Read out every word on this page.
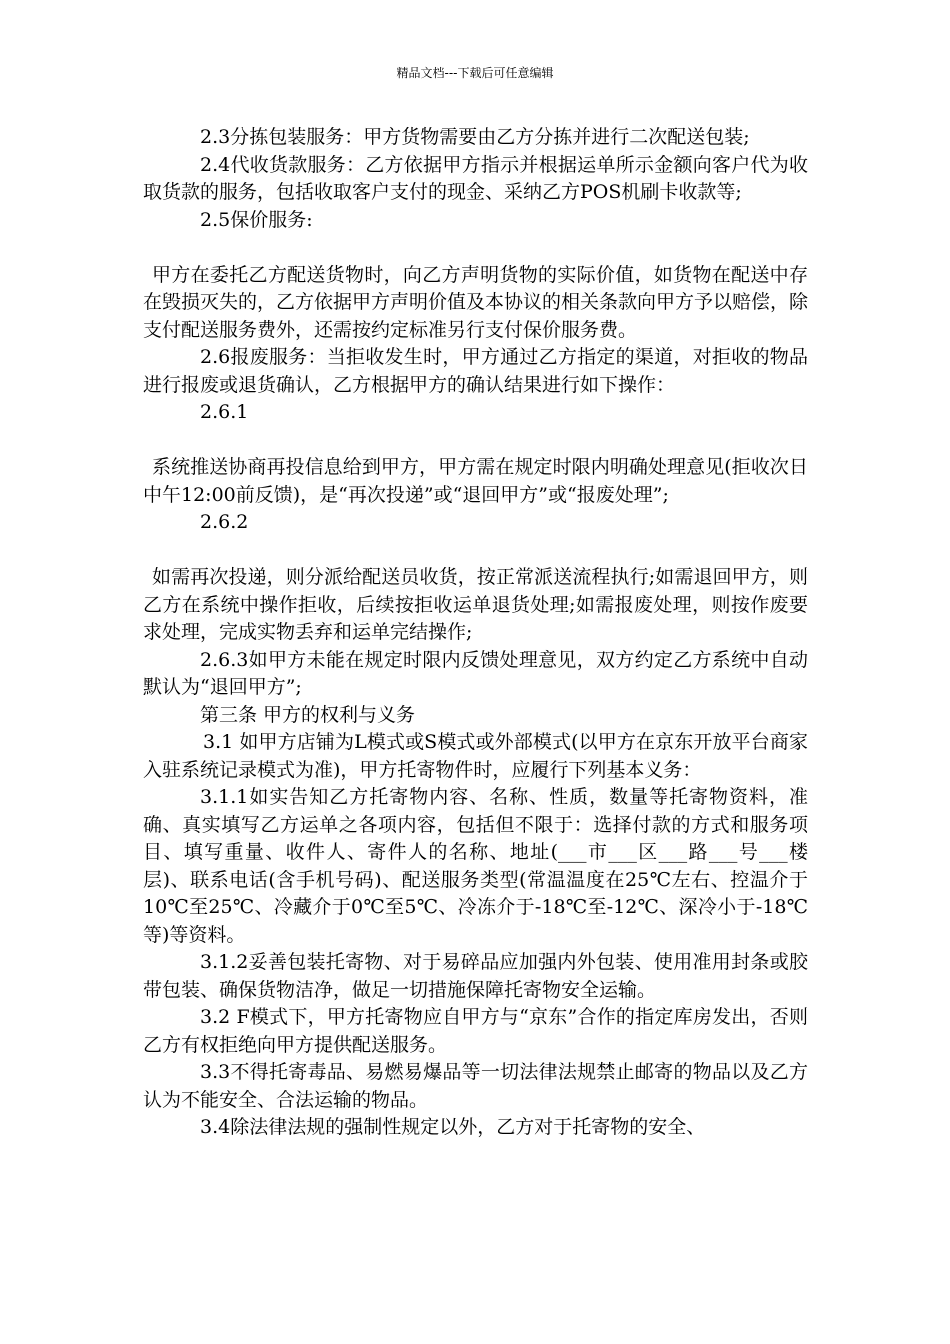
精品文档---下载后可任意编辑

2.3分拣包装服务：甲方货物需要由乙方分拣并进行二次配送包装;

2.4代收货款服务：乙方依据甲方指示并根据运单所示金额向客户代为收取货款的服务，包括收取客户支付的现金、采纳乙方POS机刷卡收款等;

2.5保价服务:

甲方在委托乙方配送货物时，向乙方声明货物的实际价值，如货物在配送中存在毁损灭失的，乙方依据甲方声明价值及本协议的相关条款向甲方予以赔偿，除支付配送服务费外，还需按约定标准另行支付保价服务费。

2.6报废服务：当拒收发生时，甲方通过乙方指定的渠道，对拒收的物品进行报废或退货确认，乙方根据甲方的确认结果进行如下操作：

2.6.1

系统推送协商再投信息给到甲方，甲方需在规定时限内明确处理意见(拒收次日中午12:00前反馈)，是“再次投递”或“退回甲方”或“报废处理”;

2.6.2

如需再次投递，则分派给配送员收货，按正常派送流程执行;如需退回甲方，则乙方在系统中操作拒收，后续按拒收运单退货处理;如需报废处理，则按作废要求处理，完成实物丢弃和运单完结操作;

2.6.3如甲方未能在规定时限内反馈处理意见，双方约定乙方系统中自动默认为“退回甲方”;

第三条 甲方的权利与义务

3.1 如甲方店铺为L模式或S模式或外部模式(以甲方在京东开放平台商家入驻系统记录模式为准)，甲方托寄物件时，应履行下列基本义务：

3.1.1如实告知乙方托寄物内容、名称、性质，数量等托寄物资料，准确、真实填写乙方运单之各项内容，包括但不限于：选择付款的方式和服务项目、填写重量、收件人、寄件人的名称、地址(___市___区___路___号___楼层)、联系电话(含手机号码)、配送服务类型(常温温度在25℃左右、控温介于10℃至25℃、冷藏介于0℃至5℃、冷冻介于-18℃至-12℃、深冷小于-18℃等)等资料。

3.1.2妥善包装托寄物、对于易碎品应加强内外包装、使用准用封条或胶带包装、确保货物洁净，做足一切措施保障托寄物安全运输。

3.2 F模式下，甲方托寄物应自甲方与“京东”合作的指定库房发出，否则乙方有权拒绝向甲方提供配送服务。

3.3不得托寄毒品、易燃易爆品等一切法律法规禁止邮寄的物品以及乙方认为不能安全、合法运输的物品。

3.4除法律法规的强制性规定以外，乙方对于托寄物的安全、
